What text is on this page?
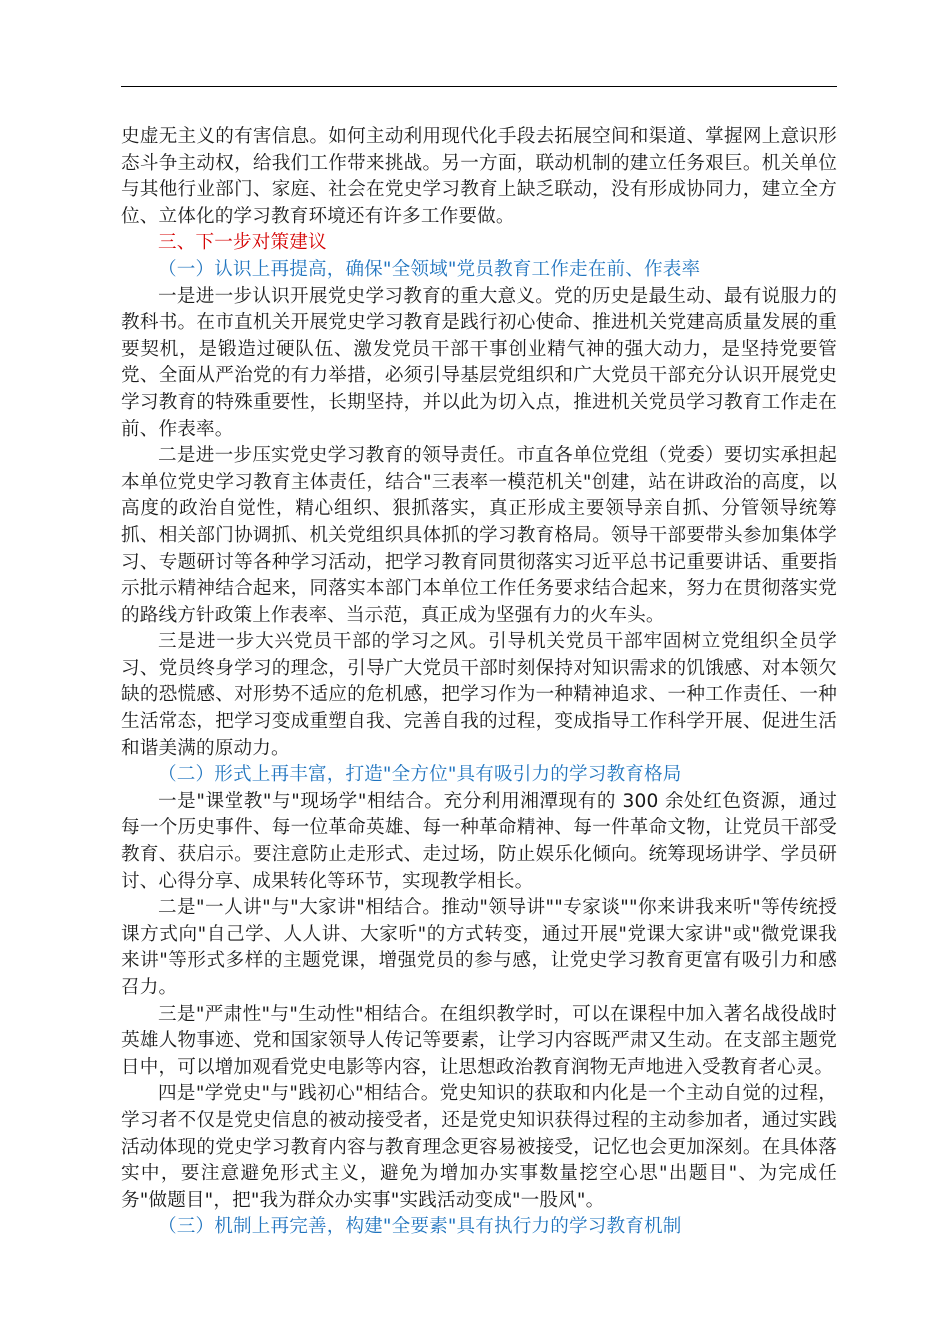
史虚无主义的有害信息。如何主动利用现代化手段去拓展空间和渠道、掌握网上意识形态斗争主动权，给我们工作带来挑战。另一方面，联动机制的建立任务艰巨。机关单位与其他行业部门、家庭、社会在党史学习教育上缺乏联动，没有形成协同力，建立全方位、立体化的学习教育环境还有许多工作要做。

三、下一步对策建议

（一）认识上再提高，确保"全领域"党员教育工作走在前、作表率

一是进一步认识开展党史学习教育的重大意义。党的历史是最生动、最有说服力的教科书。在市直机关开展党史学习教育是践行初心使命、推进机关党建高质量发展的重要契机，是锻造过硬队伍、激发党员干部干事创业精气神的强大动力，是坚持党要管党、全面从严治党的有力举措，必须引导基层党组织和广大党员干部充分认识开展党史学习教育的特殊重要性，长期坚持，并以此为切入点，推进机关党员学习教育工作走在前、作表率。

二是进一步压实党史学习教育的领导责任。市直各单位党组（党委）要切实承担起本单位党史学习教育主体责任，结合"三表率一模范机关"创建，站在讲政治的高度，以高度的政治自觉性，精心组织、狠抓落实，真正形成主要领导亲自抓、分管领导统筹抓、相关部门协调抓、机关党组织具体抓的学习教育格局。领导干部要带头参加集体学习、专题研讨等各种学习活动，把学习教育同贯彻落实习近平总书记重要讲话、重要指示批示精神结合起来，同落实本部门本单位工作任务要求结合起来，努力在贯彻落实党的路线方针政策上作表率、当示范，真正成为坚强有力的火车头。

三是进一步大兴党员干部的学习之风。引导机关党员干部牢固树立党组织全员学习、党员终身学习的理念，引导广大党员干部时刻保持对知识需求的饥饿感、对本领欠缺的恐慌感、对形势不适应的危机感，把学习作为一种精神追求、一种工作责任、一种生活常态，把学习变成重塑自我、完善自我的过程，变成指导工作科学开展、促进生活和谐美满的原动力。

（二）形式上再丰富，打造"全方位"具有吸引力的学习教育格局

一是"课堂教"与"现场学"相结合。充分利用湘潭现有的 300 余处红色资源，通过每一个历史事件、每一位革命英雄、每一种革命精神、每一件革命文物，让党员干部受教育、获启示。要注意防止走形式、走过场，防止娱乐化倾向。统筹现场讲学、学员研讨、心得分享、成果转化等环节，实现教学相长。

二是"一人讲"与"大家讲"相结合。推动"领导讲""专家谈""你来讲我来听"等传统授课方式向"自己学、人人讲、大家听"的方式转变，通过开展"党课大家讲"或"微党课我来讲"等形式多样的主题党课，增强党员的参与感，让党史学习教育更富有吸引力和感召力。

三是"严肃性"与"生动性"相结合。在组织教学时，可以在课程中加入著名战役战时英雄人物事迹、党和国家领导人传记等要素，让学习内容既严肃又生动。在支部主题党日中，可以增加观看党史电影等内容，让思想政治教育润物无声地进入受教育者心灵。

四是"学党史"与"践初心"相结合。党史知识的获取和内化是一个主动自觉的过程，学习者不仅是党史信息的被动接受者，还是党史知识获得过程的主动参加者，通过实践活动体现的党史学习教育内容与教育理念更容易被接受，记忆也会更加深刻。在具体落实中，要注意避免形式主义，避免为增加办实事数量挖空心思"出题目"、为完成任务"做题目"，把"我为群众办实事"实践活动变成"一股风"。

（三）机制上再完善，构建"全要素"具有执行力的学习教育机制
